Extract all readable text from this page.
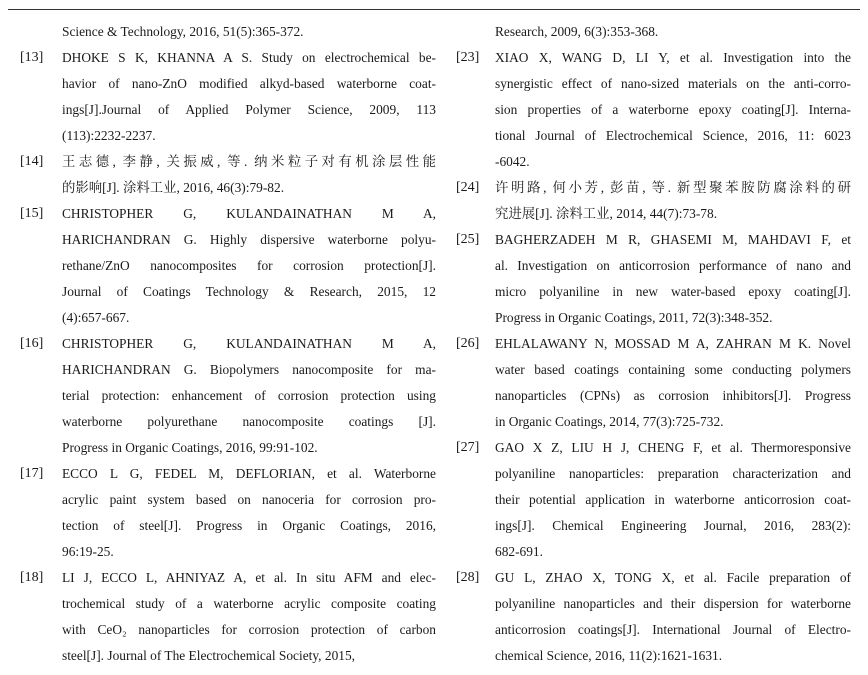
Science & Technology, 2016, 51(5):365-372.
[13]	DHOKE S K, KHANNA A S. Study on electrochemical be-
havior of nano-ZnO modified alkyd-based waterborne coat-
ings[J].Journal of Applied Polymer Science, 2009, 113
(113):2232-2237.
[14]	王志德, 李静, 关振威, 等. 纳米粒子对有机涂层性能
的影响[J]. 涂料工业, 2016, 46(3):79-82.
[15]	CHRISTOPHER G, KULANDAINATHAN M A,
HARICHANDRAN G. Highly dispersive waterborne polyu-
rethane/ZnO nanocomposites for corrosion protection[J].
Journal of Coatings Technology & Research, 2015, 12
(4):657-667.
[16]	CHRISTOPHER G, KULANDAINATHAN M A,
HARICHANDRAN G. Biopolymers nanocomposite for ma-
terial protection: enhancement of corrosion protection using
waterborne polyurethane nanocomposite coatings [J].
Progress in Organic Coatings, 2016, 99:91-102.
[17]	ECCO L G, FEDEL M, DEFLORIAN, et al. Waterborne
acrylic paint system based on nanoceria for corrosion pro-
tection of steel[J]. Progress in Organic Coatings, 2016,
96:19-25.
[18]	LI J, ECCO L, AHNIYAZ A, et al. In situ AFM and elec-
trochemical study of a waterborne acrylic composite coating
with CeO₂ nanoparticles for corrosion protection of carbon
steel[J]. Journal of The Electrochemical Society, 2015,
Research, 2009, 6(3):353-368.
[23]	XIAO X, WANG D, LI Y, et al. Investigation into the
synergistic effect of nano-sized materials on the anti-corro-
sion properties of a waterborne epoxy coating[J]. Interna-
tional Journal of Electrochemical Science, 2016, 11: 6023
-6042.
[24]	许明路, 何小芳, 彭苗, 等. 新型聚苯胺防腐涂料的研
究进展[J]. 涂料工业, 2014, 44(7):73-78.
[25]	BAGHERZADEH M R, GHASEMI M, MAHDAVI F, et
al. Investigation on anticorrosion performance of nano and
micro polyaniline in new water-based epoxy coating[J].
Progress in Organic Coatings, 2011, 72(3):348-352.
[26]	EHLALAWANY N, MOSSAD M A, ZAHRAN M K. Novel
water based coatings containing some conducting polymers
nanoparticles (CPNs) as corrosion inhibitors[J]. Progress
in Organic Coatings, 2014, 77(3):725-732.
[27]	GAO X Z, LIU H J, CHENG F, et al. Thermoresponsive
polyaniline nanoparticles: preparation characterization and
their potential application in waterborne anticorrosion coat-
ings[J]. Chemical Engineering Journal, 2016, 283(2):
682-691.
[28]	GU L, ZHAO X, TONG X, et al. Facile preparation of
polyaniline nanoparticles and their dispersion for waterborne
anticorrosion coatings[J]. International Journal of Electro-
chemical Science, 2016, 11(2):1621-1631.
